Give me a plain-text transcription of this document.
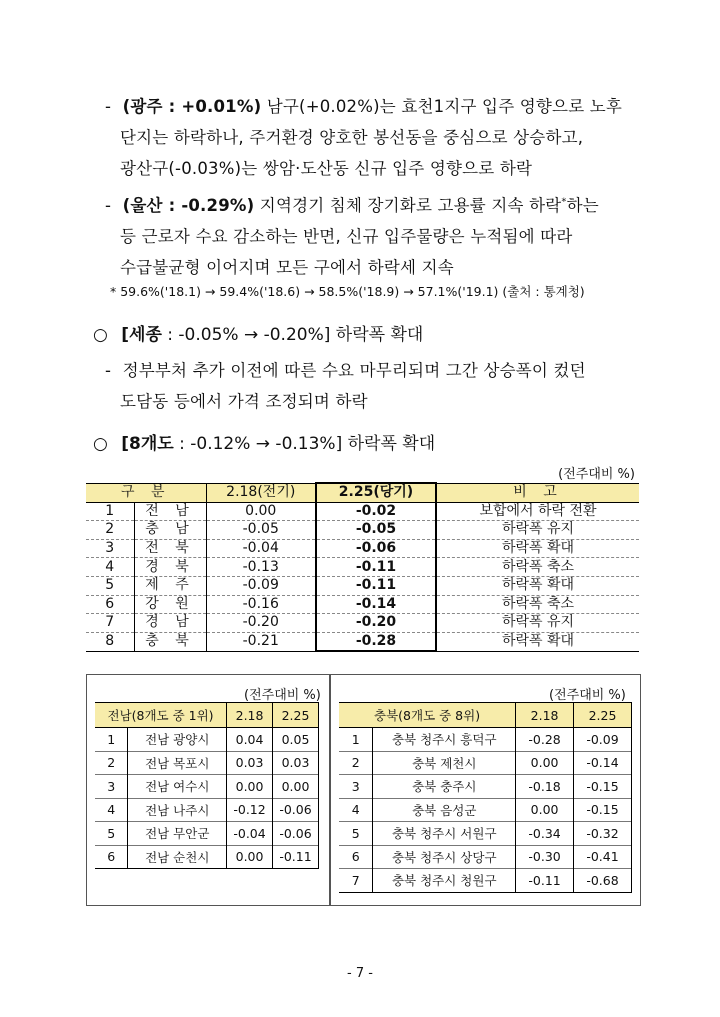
- (광주 : +0.01%) 남구(+0.02%)는 효천1지구 입주 영향으로 노후
단지는 하락하나, 주거환경 양호한 봉선동을 중심으로 상승하고,
광산구(-0.03%)는 쌍암·도산동 신규 입주 영향으로 하락
- (울산 : -0.29%) 지역경기 침체 장기화로 고용률 지속 하락*하는
등 근로자 수요 감소하는 반면, 신규 입주물량은 누적됨에 따라
수급불균형 이어지며 모든 구에서 하락세 지속
* 59.6%('18.1) → 59.4%('18.6) → 58.5%('18.9) → 57.1%('19.1) (출처 : 통계청)
○ [세종 : -0.05% → -0.20%] 하락폭 확대
- 정부부처 추가 이전에 따른 수요 마무리되며 그간 상승폭이 컸던
도담동 등에서 가격 조정되며 하락
○ [8개도 : -0.12% → -0.13%] 하락폭 확대
(전주대비 %)
구 분		2.18(전기)	2.25(당기)	비 고
1	전 남	0.00	-0.02	보합에서 하락 전환
2	충 남	-0.05	-0.05	하락폭 유지
3	전 북	-0.04	-0.06	하락폭 확대
4	경 북	-0.13	-0.11	하락폭 축소
5	제 주	-0.09	-0.11	하락폭 확대
6	강 원	-0.16	-0.14	하락폭 축소
7	경 남	-0.20	-0.20	하락폭 유지
8	충 북	-0.21	-0.28	하락폭 확대
(전주대비 %)
전남(8개도 중 1위)		2.18	2.25
1	전남 광양시	0.04	0.05
2	전남 목포시	0.03	0.03
3	전남 여수시	0.00	0.00
4	전남 나주시	-0.12	-0.06
5	전남 무안군	-0.04	-0.06
6	전남 순천시	0.00	-0.11
(전주대비 %)
충북(8개도 중 8위)		2.18	2.25
1	충북 청주시 흥덕구	-0.28	-0.09
2	충북 제천시	0.00	-0.14
3	충북 충주시	-0.18	-0.15
4	충북 음성군	0.00	-0.15
5	충북 청주시 서원구	-0.34	-0.32
6	충북 청주시 상당구	-0.30	-0.41
7	충북 청주시 청원구	-0.11	-0.68
- 7 -
